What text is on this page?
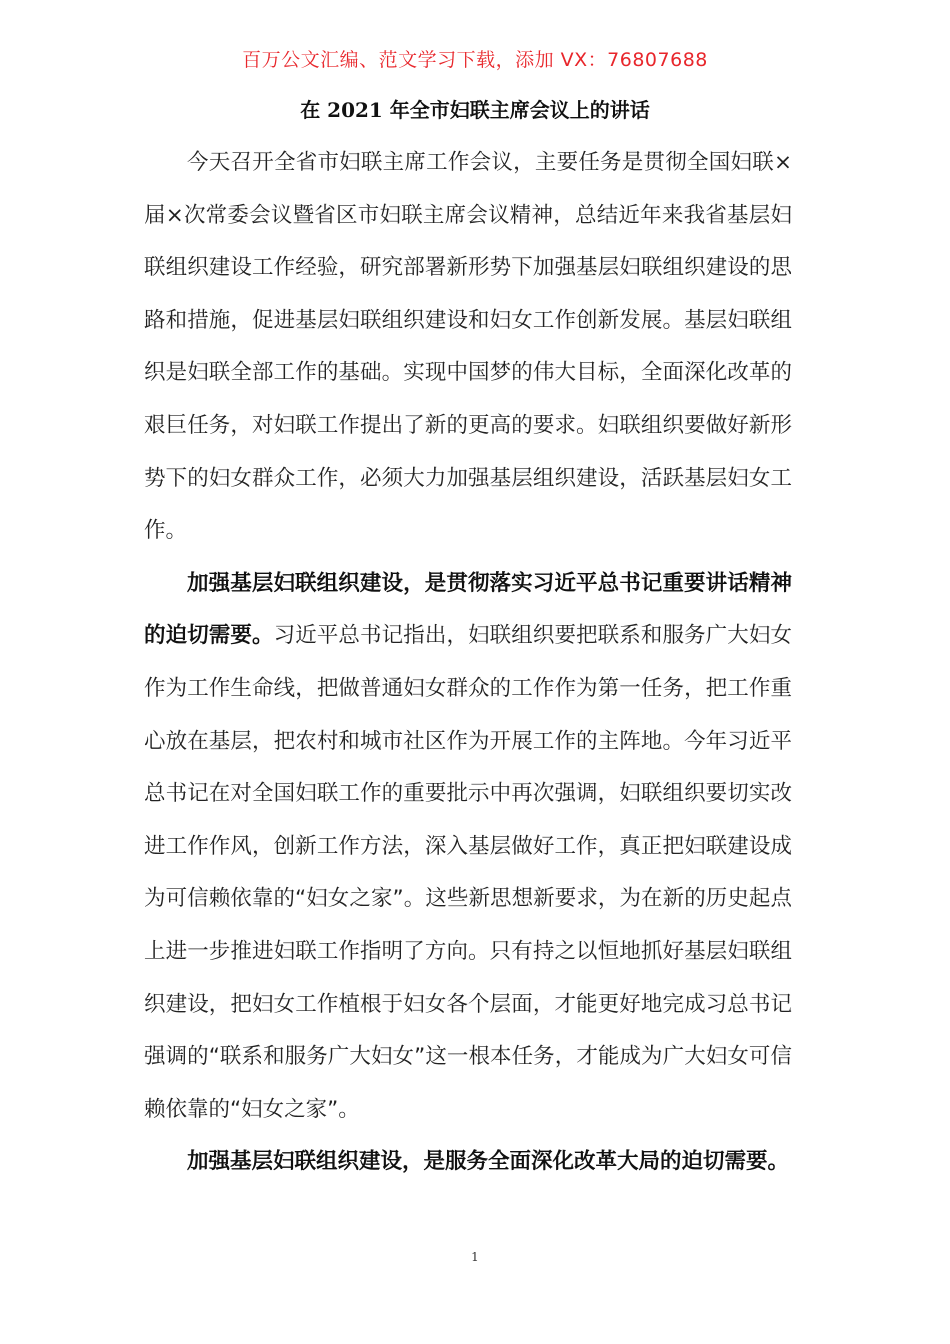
百万公文汇编、范文学习下载，添加 VX：76807688

在 2021 年全市妇联主席会议上的讲话

今天召开全省市妇联主席工作会议，主要任务是贯彻全国妇联×届×次常委会议暨省区市妇联主席会议精神，总结近年来我省基层妇联组织建设工作经验，研究部署新形势下加强基层妇联组织建设的思路和措施，促进基层妇联组织建设和妇女工作创新发展。基层妇联组织是妇联全部工作的基础。实现中国梦的伟大目标，全面深化改革的艰巨任务，对妇联工作提出了新的更高的要求。妇联组织要做好新形势下的妇女群众工作，必须大力加强基层组织建设，活跃基层妇女工作。

加强基层妇联组织建设，是贯彻落实习近平总书记重要讲话精神的迫切需要。习近平总书记指出，妇联组织要把联系和服务广大妇女作为工作生命线，把做普通妇女群众的工作作为第一任务，把工作重心放在基层，把农村和城市社区作为开展工作的主阵地。今年习近平总书记在对全国妇联工作的重要批示中再次强调，妇联组织要切实改进工作作风，创新工作方法，深入基层做好工作，真正把妇联建设成为可信赖依靠的“妇女之家”。这些新思想新要求，为在新的历史起点上进一步推进妇联工作指明了方向。只有持之以恒地抓好基层妇联组织建设，把妇女工作植根于妇女各个层面，才能更好地完成习总书记强调的“联系和服务广大妇女”这一根本任务，才能成为广大妇女可信赖依靠的“妇女之家”。

加强基层妇联组织建设，是服务全面深化改革大局的迫切需要。

1
